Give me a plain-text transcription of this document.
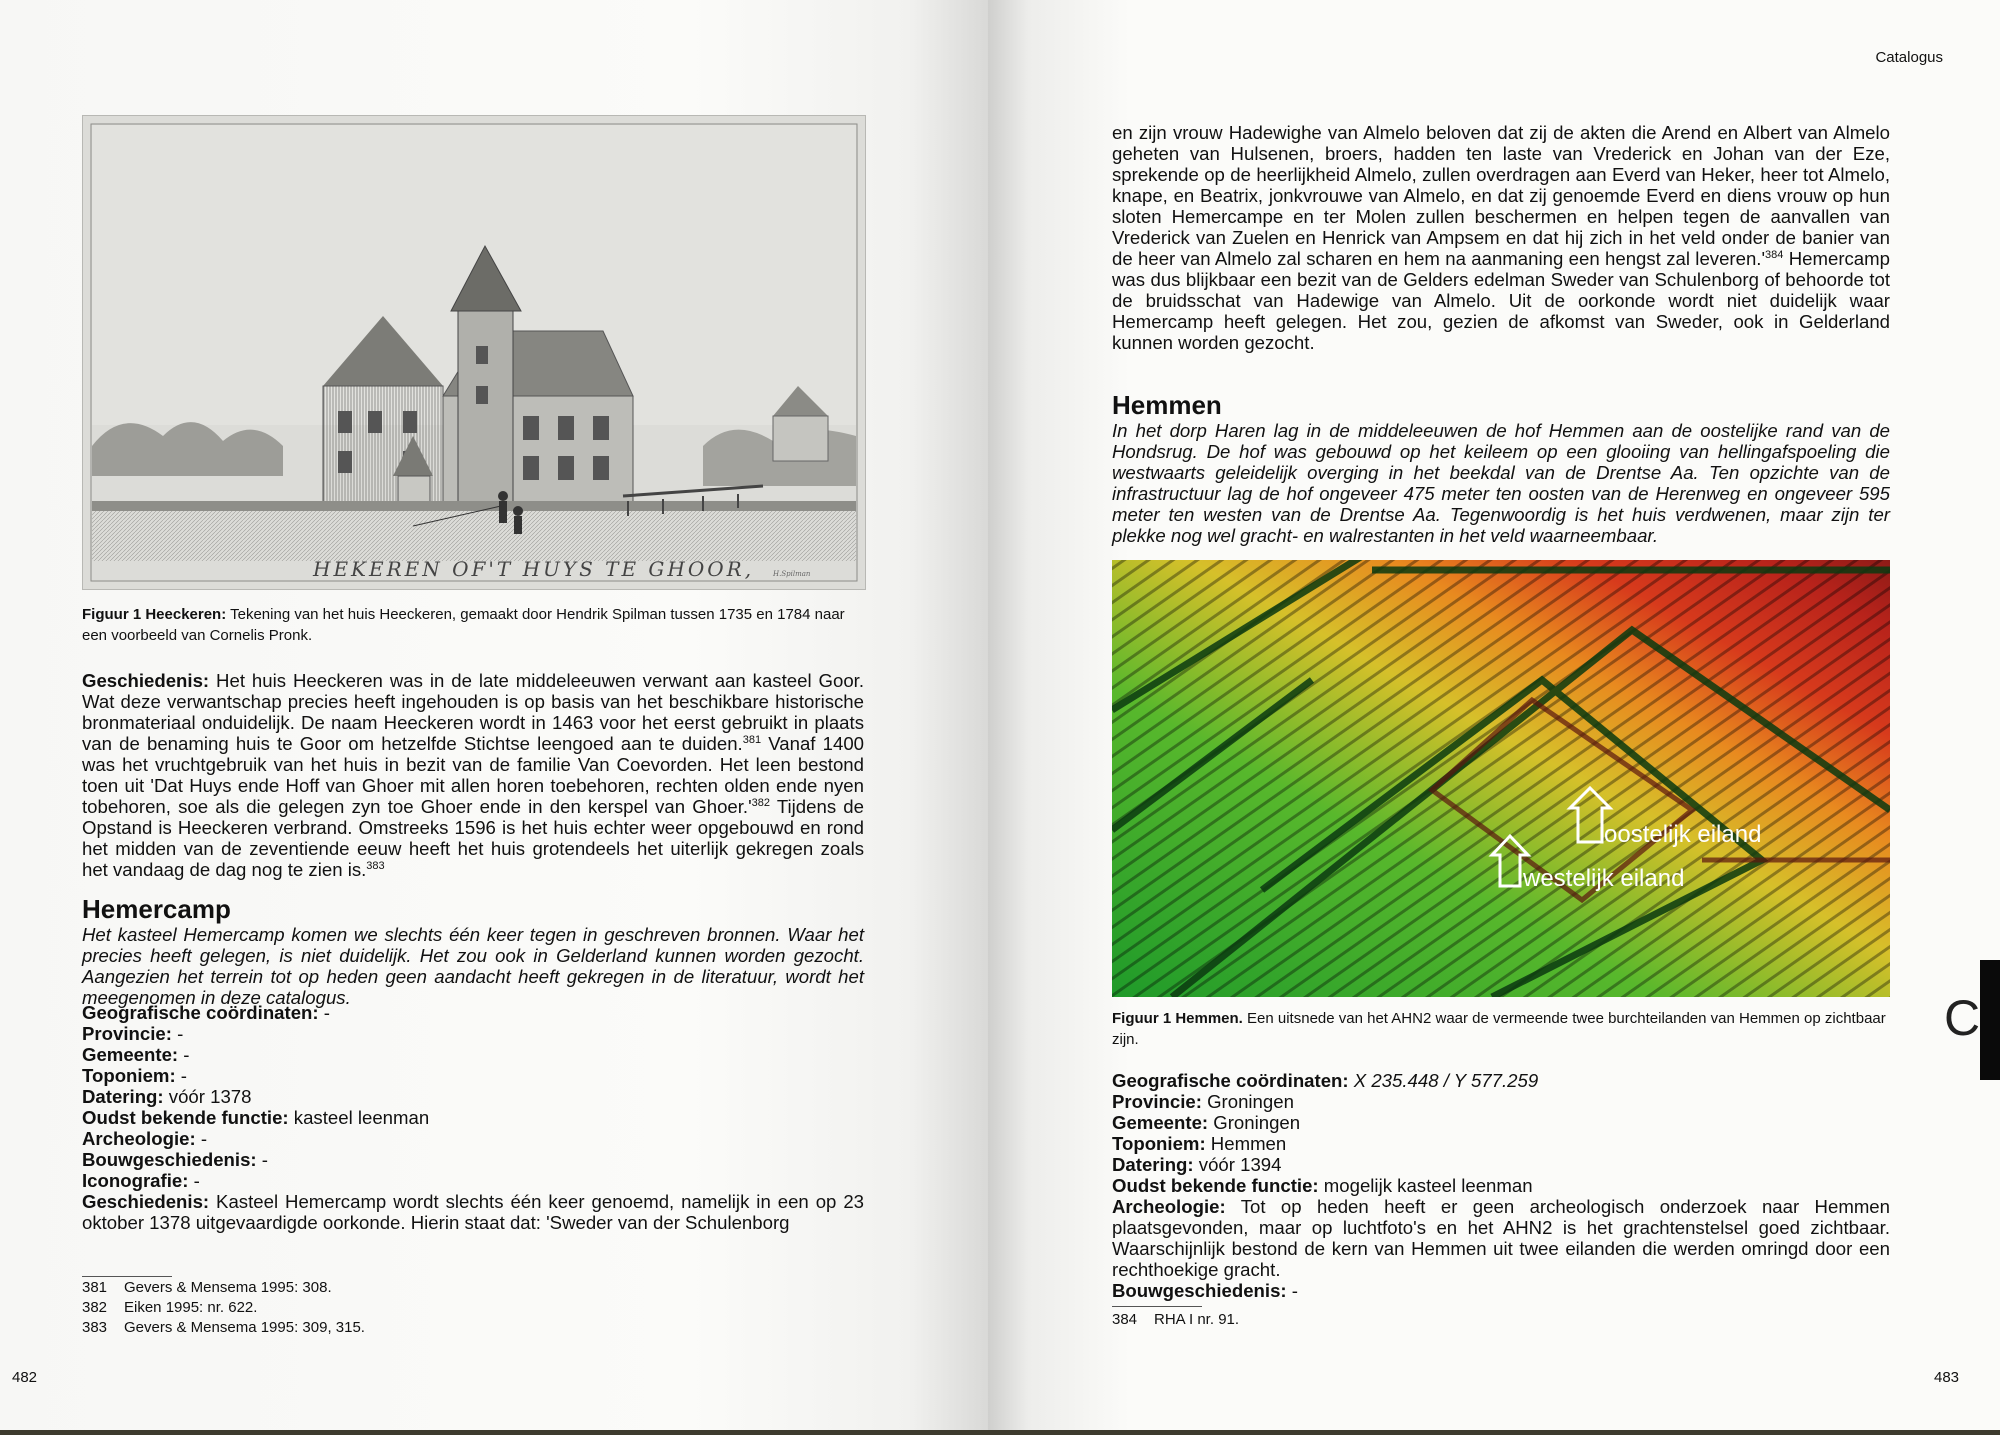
HEKEREN OF'T HUYS TE GHOOR,	H.Spilman
Figuur 1 Heeckeren: Tekening van het huis Heeckeren, gemaakt door Hendrik Spilman tussen 1735 en 1784 naar een voorbeeld van Cornelis Pronk.

Geschiedenis: Het huis Heeckeren was in de late middeleeuwen verwant aan kasteel Goor. Wat deze verwantschap precies heeft ingehouden is op basis van het beschikbare historische bronmateriaal onduidelijk. De naam Heeckeren wordt in 1463 voor het eerst gebruikt in plaats van de benaming huis te Goor om hetzelfde Stichtse leengoed aan te duiden.$^{381}$ Vanaf 1400 was het vruchtgebruik van het huis in bezit van de familie Van Coevorden. Het leen bestond toen uit 'Dat Huys ende Hoff van Ghoer mit allen horen toebehoren, rechten olden ende nyen tobehoren, soe als die gelegen zyn toe Ghoer ende in den kerspel van $Ghoer.'^{382}$ Tijdens de Opstand is Heeckeren verbrand. Omstreeks 1596 is het huis echter weer opgebouwd en rond het midden van de zeventiende eeuw heeft het huis grotendeels het uiterlijk gekregen zoals het vandaag de dag nog te zien is.$^{383}$

Hemercamp

Het kasteel Hemercamp komen we slechts één keer tegen in geschreven bronnen. Waar het precies heeft gelegen, is niet duidelijk. Het zou ook in Gelderland kunnen worden gezocht. Aangezien het terrein tot op heden geen aandacht heeft gekregen in de literatuur, wordt het meegenomen in deze catalogus.

Geografische coördinaten: -

Provincie: -

Gemeente: -

Toponiem: -

Datering: vóór 1378

Oudst bekende functie: kasteel leenman

Archeologie: -

Bouwgeschiedenis: -

Iconografie: -

Geschiedenis: Kasteel Hemercamp wordt slechts één keer genoemd, namelijk in een op 23 oktober 1378 uitgevaardigde oorkonde. Hierin staat dat: 'Sweder van der Schulenborg

381 Gevers & Mensema 1995: 308.
382 Eiken 1995: nr. 622.
383 Gevers & Mensema 1995: 309, 315.
482
Catalogus

en zijn vrouw Hadewighe van Almelo beloven dat zij de akten die Arend en Albert van Almelo geheten van Hulsenen, broers, hadden ten laste van Vrederick en Johan van der Eze, sprekende op de heerlijkheid Almelo, zullen overdragen aan Everd van Heker, heer tot Almelo, knape, en Beatrix, jonkvrouwe van Almelo, en dat zij genoemde Everd en diens vrouw op hun sloten Hemercampe en ter Molen zullen beschermen en helpen tegen de aanvallen van Vrederick van Zuelen en Henrick van Ampsem en dat hij zich in het veld onder de banier van de heer van Almelo zal scharen en hem na aanmaning een hengst zal $leveren.'^{384}$ Hemercamp was dus blijkbaar een bezit van de Gelders edelman Sweder van Schulenborg of behoorde tot de bruidsschat van Hadewige van Almelo. Uit de oorkonde wordt niet duidelijk waar Hemercamp heeft gelegen. Het zou, gezien de afkomst van Sweder, ook in Gelderland kunnen worden gezocht.

Hemmen

In het dorp Haren lag in de middeleeuwen de hof Hemmen aan de oostelijke rand van de Hondsrug. De hof was gebouwd op het keileem op een glooiing van hellingafspoeling die westwaarts geleidelijk overging in het beekdal van de Drentse Aa. Ten opzichte van de infrastructuur lag de hof ongeveer 475 meter ten oosten van de Herenweg en ongeveer 595 meter ten westen van de Drentse Aa. Tegenwoordig is het huis verdwenen, maar zijn ter plekke nog wel gracht- en walrestanten in het veld waarneembaar.

oostelijk eiland
westelijk eiland
Figuur 1 Hemmen. Een uitsnede van het AHN2 waar de vermeende twee burchteilanden van Hemmen op zichtbaar zijn.

Geografische coördinaten: X 235.448 / Y 577.259

Provincie: Groningen

Gemeente: Groningen

Toponiem: Hemmen

Datering: vóór 1394

Oudst bekende functie: mogelijk kasteel leenman

Archeologie: Tot op heden heeft er geen archeologisch onderzoek naar Hemmen plaatsgevonden, maar op luchtfoto's en het AHN2 is het grachtenstelsel goed zichtbaar. Waarschijnlijk bestond de kern van Hemmen uit twee eilanden die werden omringd door een rechthoekige gracht.

Bouwgeschiedenis: -

384 RHA I nr. 91.
C
483
